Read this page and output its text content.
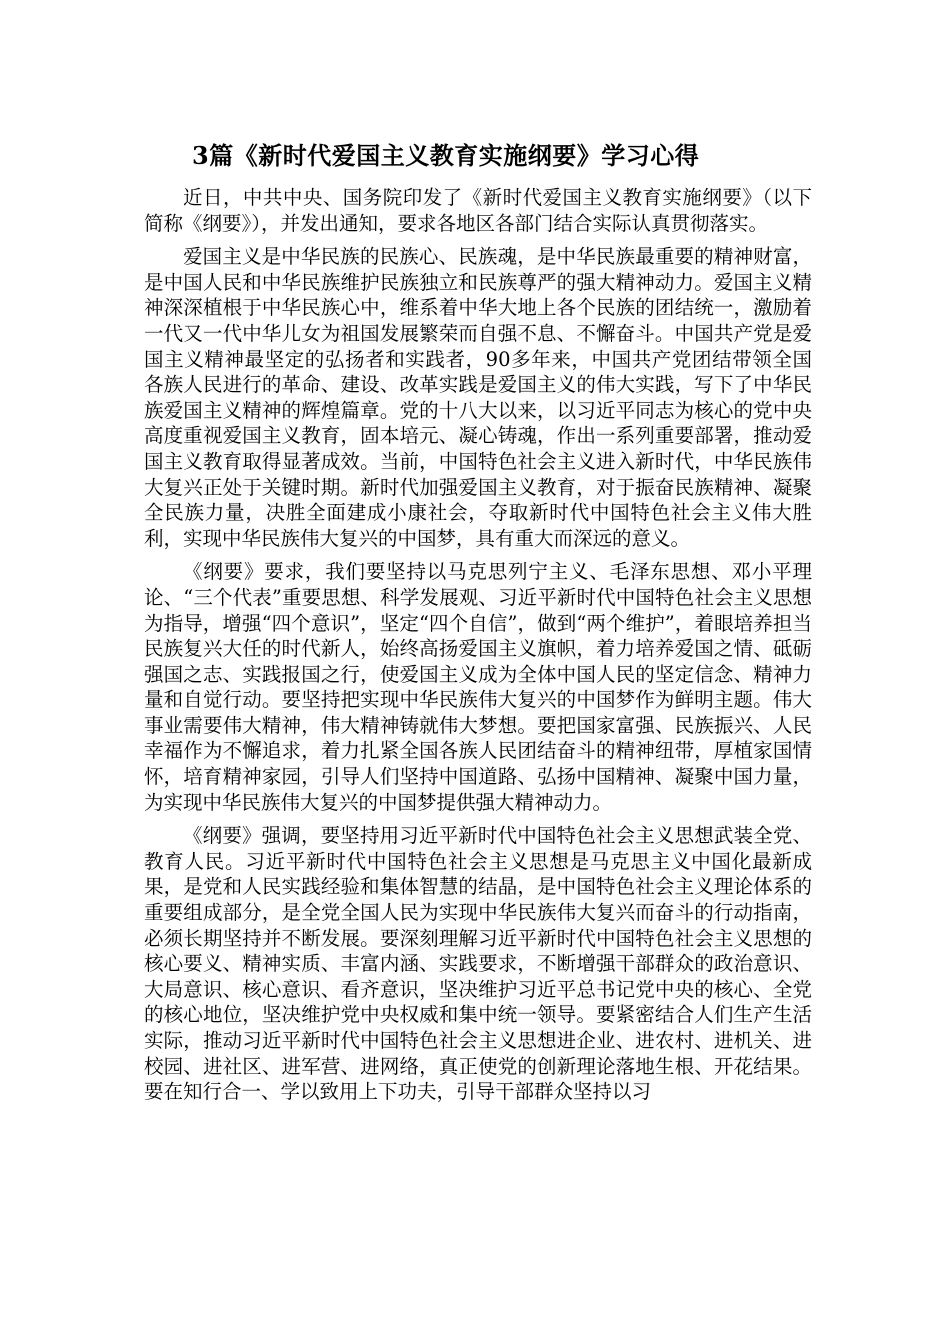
3篇《新时代爱国主义教育实施纲要》学习心得

近日，中共中央、国务院印发了《新时代爱国主义教育实施纲要》（以下简称《纲要》），并发出通知，要求各地区各部门结合实际认真贯彻落实。

爱国主义是中华民族的民族心、民族魂，是中华民族最重要的精神财富，是中国人民和中华民族维护民族独立和民族尊严的强大精神动力。爱国主义精神深深植根于中华民族心中，维系着中华大地上各个民族的团结统一，激励着一代又一代中华儿女为祖国发展繁荣而自强不息、不懈奋斗。中国共产党是爱国主义精神最坚定的弘扬者和实践者，90多年来，中国共产党团结带领全国各族人民进行的革命、建设、改革实践是爱国主义的伟大实践，写下了中华民族爱国主义精神的辉煌篇章。党的十八大以来，以习近平同志为核心的党中央高度重视爱国主义教育，固本培元、凝心铸魂，作出一系列重要部署，推动爱国主义教育取得显著成效。当前，中国特色社会主义进入新时代，中华民族伟大复兴正处于关键时期。新时代加强爱国主义教育，对于振奋民族精神、凝聚全民族力量，决胜全面建成小康社会，夺取新时代中国特色社会主义伟大胜利，实现中华民族伟大复兴的中国梦，具有重大而深远的意义。

《纲要》要求，我们要坚持以马克思列宁主义、毛泽东思想、邓小平理论、“三个代表”重要思想、科学发展观、习近平新时代中国特色社会主义思想为指导，增强“四个意识”，坚定“四个自信”，做到“两个维护”，着眼培养担当民族复兴大任的时代新人，始终高扬爱国主义旗帜，着力培养爱国之情、砥砺强国之志、实践报国之行，使爱国主义成为全体中国人民的坚定信念、精神力量和自觉行动。要坚持把实现中华民族伟大复兴的中国梦作为鲜明主题。伟大事业需要伟大精神，伟大精神铸就伟大梦想。要把国家富强、民族振兴、人民幸福作为不懈追求，着力扎紧全国各族人民团结奋斗的精神纽带，厚植家国情怀，培育精神家园，引导人们坚持中国道路、弘扬中国精神、凝聚中国力量，为实现中华民族伟大复兴的中国梦提供强大精神动力。

《纲要》强调，要坚持用习近平新时代中国特色社会主义思想武装全党、教育人民。习近平新时代中国特色社会主义思想是马克思主义中国化最新成果，是党和人民实践经验和集体智慧的结晶，是中国特色社会主义理论体系的重要组成部分，是全党全国人民为实现中华民族伟大复兴而奋斗的行动指南，必须长期坚持并不断发展。要深刻理解习近平新时代中国特色社会主义思想的核心要义、精神实质、丰富内涵、实践要求，不断增强干部群众的政治意识、大局意识、核心意识、看齐意识，坚决维护习近平总书记党中央的核心、全党的核心地位，坚决维护党中央权威和集中统一领导。要紧密结合人们生产生活实际，推动习近平新时代中国特色社会主义思想进企业、进农村、进机关、进校园、进社区、进军营、进网络，真正使党的创新理论落地生根、开花结果。要在知行合一、学以致用上下功夫，引导干部群众坚持以习
